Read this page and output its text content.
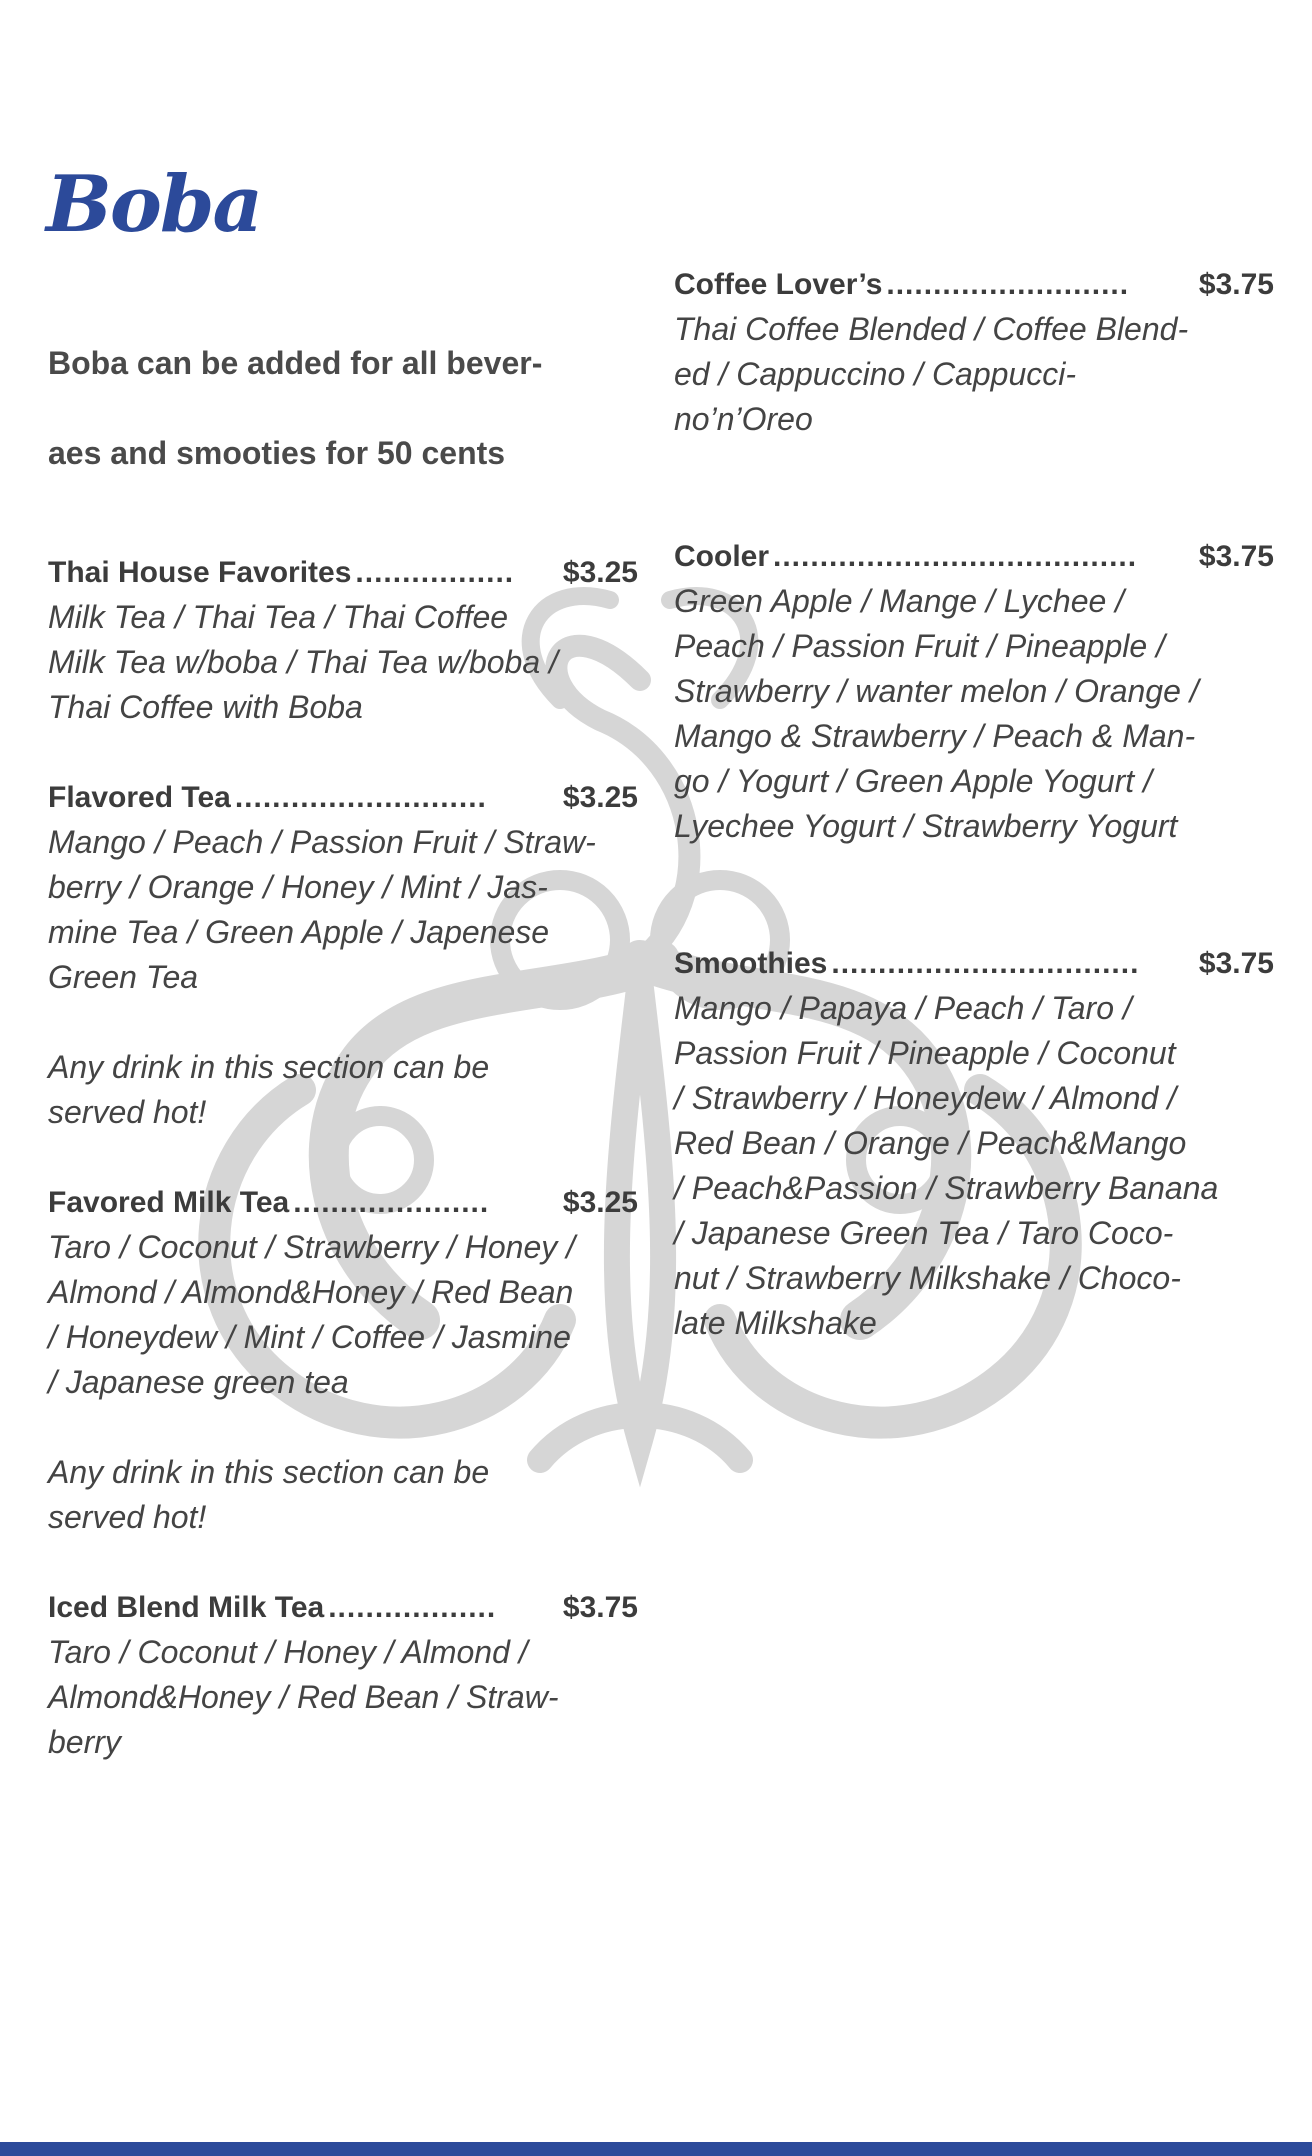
Boba

Boba can be added for all bever-
aes and smooties for 50 cents

Thai House Favorites .................	$3.25

Milk Tea / Thai Tea / Thai Coffee
Milk Tea w/boba / Thai Tea w/boba /
Thai Coffee with Boba

Flavored Tea ...........................	$3.25

Mango / Peach / Passion Fruit / Straw-
berry / Orange / Honey / Mint / Jas-
mine Tea / Green Apple / Japenese
Green Tea

Any drink in this section can be
served hot!

Favored Milk Tea .....................	$3.25

Taro / Coconut / Strawberry / Honey /
Almond / Almond&Honey / Red Bean
/ Honeydew / Mint / Coffee / Jasmine
/ Japanese green tea

Any drink in this section can be
served hot!

Iced Blend Milk Tea ..................	$3.75

Taro / Coconut / Honey / Almond /
Almond&Honey / Red Bean / Straw-
berry

Coffee Lover’s ..........................	$3.75

Thai Coffee Blended / Coffee Blend-
ed / Cappuccino / Cappucci-
no’n’Oreo

Cooler .......................................	$3.75

Green Apple / Mange / Lychee /
Peach / Passion Fruit / Pineapple /
Strawberry / wanter melon / Orange /
Mango & Strawberry / Peach & Man-
go / Yogurt / Green Apple Yogurt /
Lyechee Yogurt / Strawberry Yogurt

Smoothies .................................	$3.75

Mango / Papaya / Peach / Taro /
Passion Fruit / Pineapple / Coconut
/ Strawberry / Honeydew / Almond /
Red Bean / Orange / Peach&Mango
/ Peach&Passion / Strawberry Banana
/ Japanese Green Tea / Taro Coco-
nut / Strawberry Milkshake / Choco-
late Milkshake
